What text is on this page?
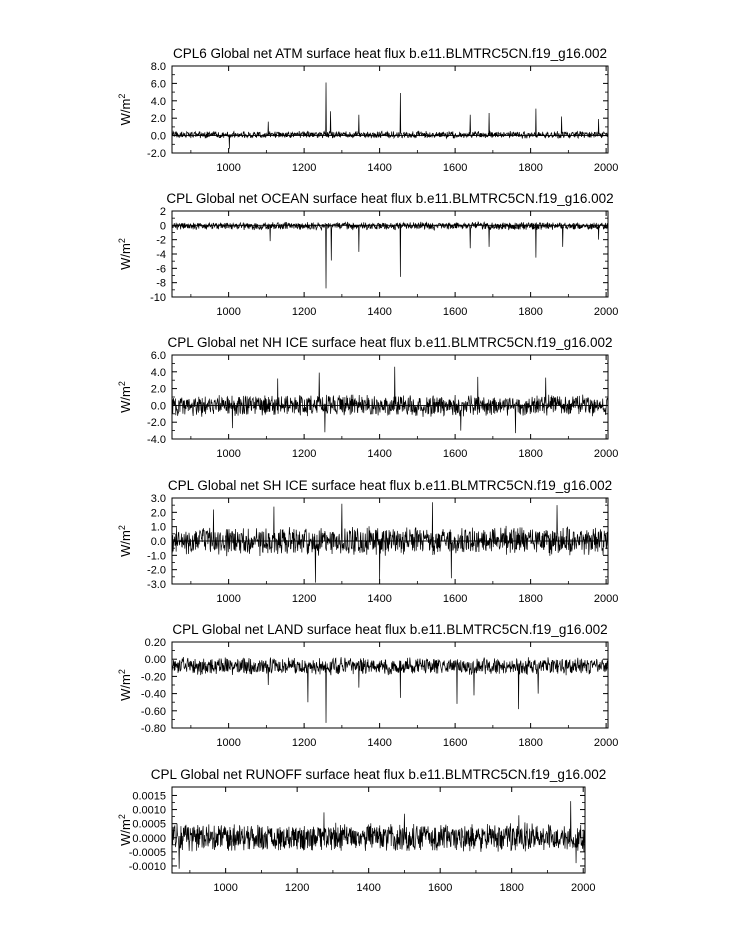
CPL6 Global net ATM surface heat flux b.e11.BLMTRC5CN.f19_g16.002
$W/m^2$
1000	1200	1400	1600	1800	2000
-2.0
0.0
2.0
4.0
6.0
8.0
CPL Global net OCEAN surface heat flux b.e11.BLMTRC5CN.f19_g16.002
$W/m^2$
1000	1200	1400	1600	1800	2000
-10
-8
-6
-4
-2
0
2
CPL Global net NH ICE surface heat flux b.e11.BLMTRC5CN.f19_g16.002
$W/m^2$
1000	1200	1400	1600	1800	2000
-4.0
-2.0
0.0
2.0
4.0
6.0
CPL Global net SH ICE surface heat flux b.e11.BLMTRC5CN.f19_g16.002
$W/m^2$
1000	1200	1400	1600	1800	2000
-3.0
-2.0
-1.0
0.0
1.0
2.0
3.0
CPL Global net LAND surface heat flux b.e11.BLMTRC5CN.f19_g16.002
$W/m^2$
1000	1200	1400	1600	1800	2000
-0.80
-0.60
-0.40
-0.20
0.00
0.20
CPL Global net RUNOFF surface heat flux b.e11.BLMTRC5CN.f19_g16.002
$W/m^2$
1000	1200	1400	1600	1800	2000
-0.0010
-0.0005
0.0000
0.0005
0.0010
0.0015
